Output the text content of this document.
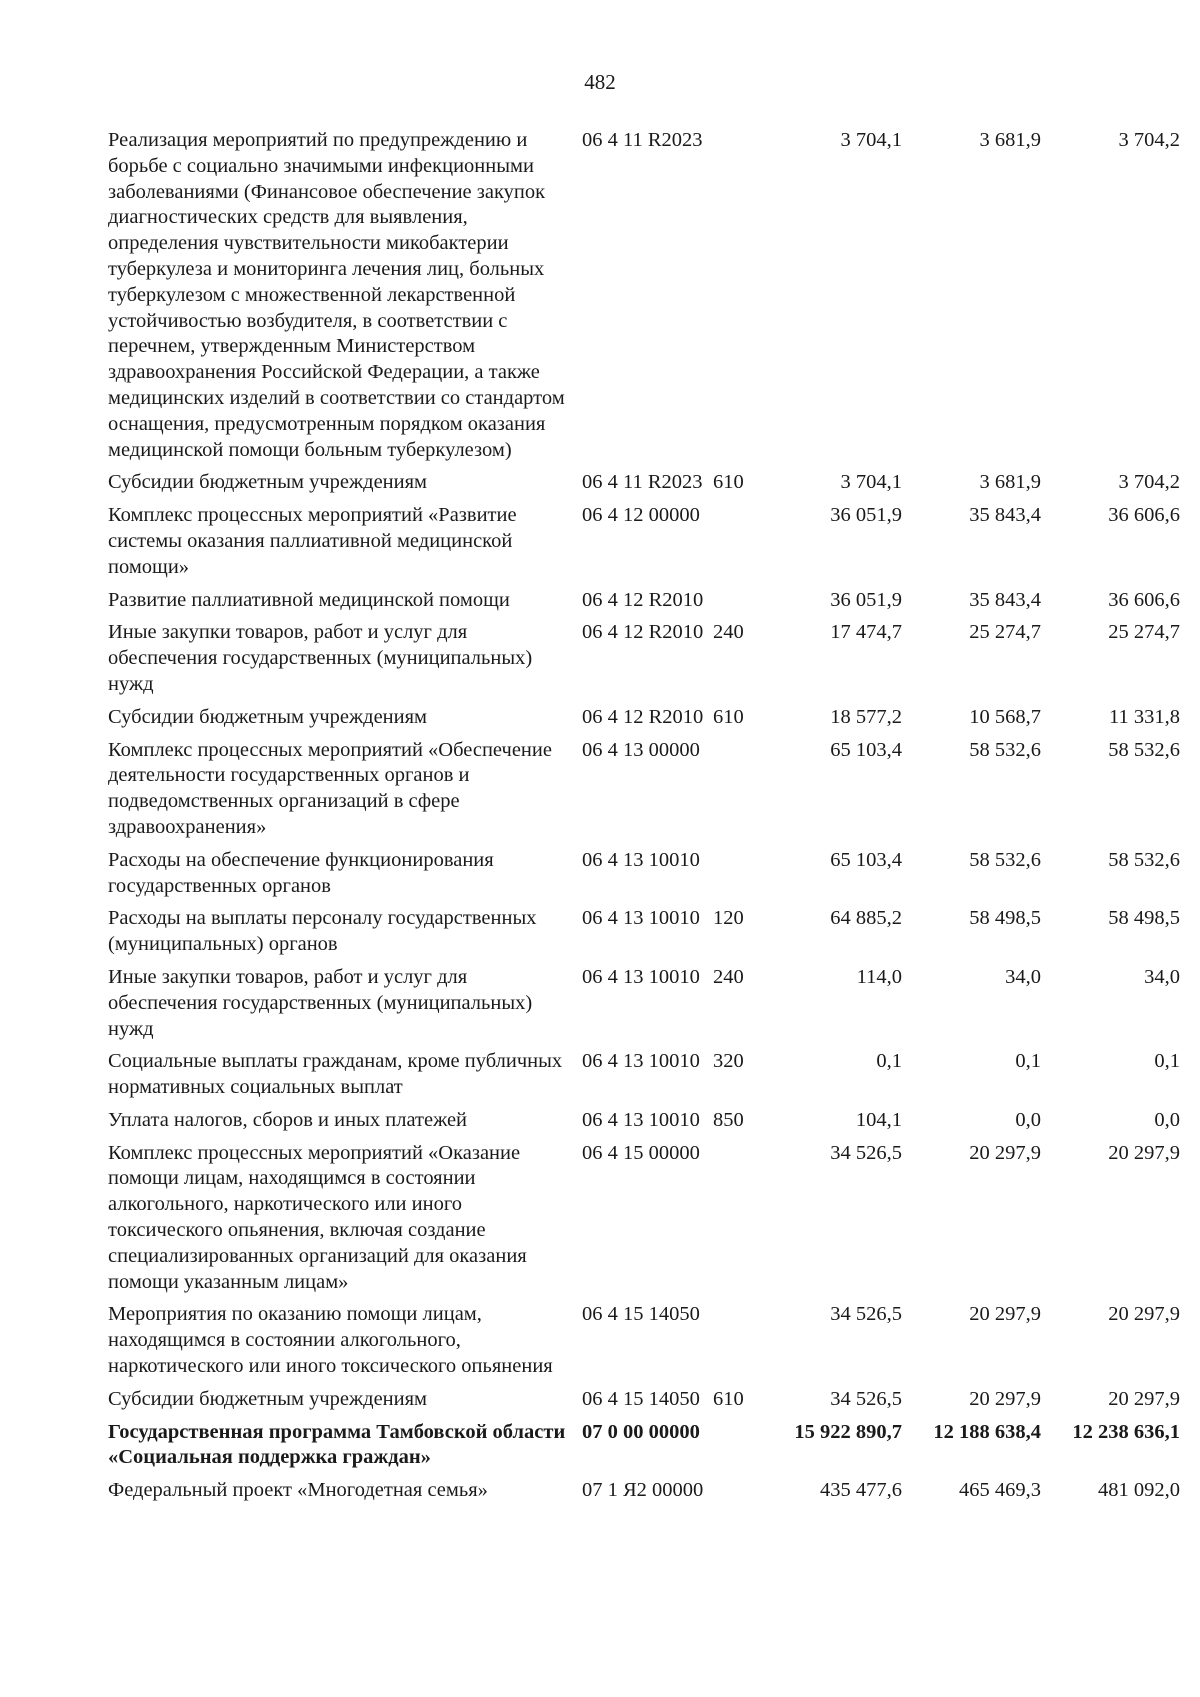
482
Реализация мероприятий по предупреждению и борьбе с социально значимыми инфекционными заболеваниями (Финансовое обеспечение закупок диагностических средств для выявления, определения чувствительности микобактерии туберкулеза и мониторинга лечения лиц, больных туберкулезом с множественной лекарственной устойчивостью возбудителя, в соответствии с перечнем, утвержденным Министерством здравоохранения Российской Федерации, а также медицинских изделий в соответствии со стандартом оснащения, предусмотренным порядком оказания медицинской помощи больным туберкулезом)	06 4 11 R2023		3 704,1	3 681,9	3 704,2
Субсидии бюджетным учреждениям	06 4 11 R2023	610	3 704,1	3 681,9	3 704,2
Комплекс процессных мероприятий «Развитие системы оказания паллиативной медицинской помощи»	06 4 12 00000		36 051,9	35 843,4	36 606,6
Развитие паллиативной медицинской помощи	06 4 12 R2010		36 051,9	35 843,4	36 606,6
Иные закупки товаров, работ и услуг для обеспечения государственных (муниципальных) нужд	06 4 12 R2010	240	17 474,7	25 274,7	25 274,7
Субсидии бюджетным учреждениям	06 4 12 R2010	610	18 577,2	10 568,7	11 331,8
Комплекс процессных мероприятий «Обеспечение деятельности государственных органов и подведомственных организаций в сфере здравоохранения»	06 4 13 00000		65 103,4	58 532,6	58 532,6
Расходы на обеспечение функционирования государственных органов	06 4 13 10010		65 103,4	58 532,6	58 532,6
Расходы на выплаты персоналу государственных (муниципальных) органов	06 4 13 10010	120	64 885,2	58 498,5	58 498,5
Иные закупки товаров, работ и услуг для обеспечения государственных (муниципальных) нужд	06 4 13 10010	240	114,0	34,0	34,0
Социальные выплаты гражданам, кроме публичных нормативных социальных выплат	06 4 13 10010	320	0,1	0,1	0,1
Уплата налогов, сборов и иных платежей	06 4 13 10010	850	104,1	0,0	0,0
Комплекс процессных мероприятий «Оказание помощи лицам, находящимся в состоянии алкогольного, наркотического или иного токсического опьянения, включая создание специализированных организаций для оказания помощи указанным лицам»	06 4 15 00000		34 526,5	20 297,9	20 297,9
Мероприятия по оказанию помощи лицам, находящимся в состоянии алкогольного, наркотического или иного токсического опьянения	06 4 15 14050		34 526,5	20 297,9	20 297,9
Субсидии бюджетным учреждениям	06 4 15 14050	610	34 526,5	20 297,9	20 297,9
Государственная программа Тамбовской области «Социальная поддержка граждан»	07 0 00 00000		15 922 890,7	12 188 638,4	12 238 636,1
Федеральный проект «Многодетная семья»	07 1 Я2 00000		435 477,6	465 469,3	481 092,0
